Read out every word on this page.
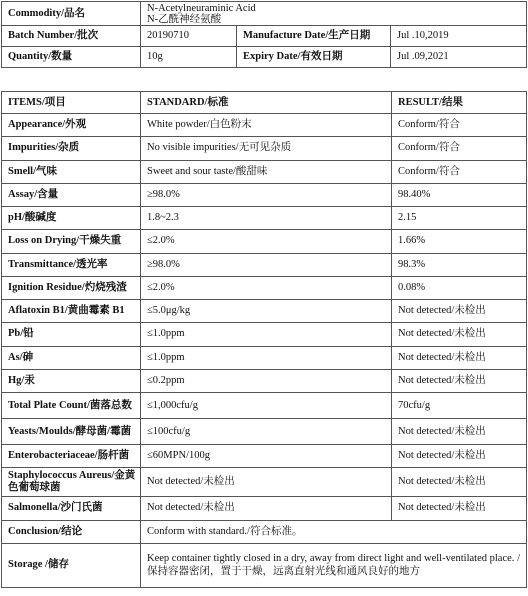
Commodity/品名	N-Acetylneuraminic Acid
N-乙酰神经氨酸		

Batch Number/批次	20190710	Manufacture Date/生产日期	Jul .10,2019
Quantity/数量	10g	Expiry Date/有效日期	Jul .09,2021
ITEMS/项目	STANDARD/标准	RESULT/结果
Appearance/外观	White powder/白色粉末	Conform/符合
Impurities/杂质	No visible impurities/无可见杂质	Conform/符合
Smell/气味	Sweet and sour taste/酸甜味	Conform/符合
Assay/含量	≥98.0%	98.40%
pH/酸碱度	1.8~2.3	2.15
Loss on Drying/干燥失重	≤2.0%	1.66%
Transmittance/透光率	≥98.0%	98.3%
Ignition Residue/灼烧残渣	≤2.0%	0.08%
Aflatoxin B1/黄曲霉素 B1	≤5.0μg/kg	Not detected/未检出
Pb/铅	≤1.0ppm	Not detected/未检出
As/砷	≤1.0ppm	Not detected/未检出
Hg/汞	≤0.2ppm	Not detected/未检出
Total Plate Count/菌落总数	≤1,000cfu/g	70cfu/g
Yeasts/Moulds/酵母菌/霉菌	≤100cfu/g	Not detected/未检出
Enterobacteriaceae/肠杆菌	≤60MPN/100g	Not detected/未检出
Staphylococcus Aureus/金黄色葡萄球菌	Not detected/未检出	Not detected/未检出
Salmonella/沙门氏菌	Not detected/未检出	Not detected/未检出
Conclusion/结论	Conform with standard./符合标准。	
Storage /储存	Keep container tightly closed in a dry, away from direct light and well-ventilated place. /保持容器密闭，置于干燥，远离直射光线和通风良好的地方	
